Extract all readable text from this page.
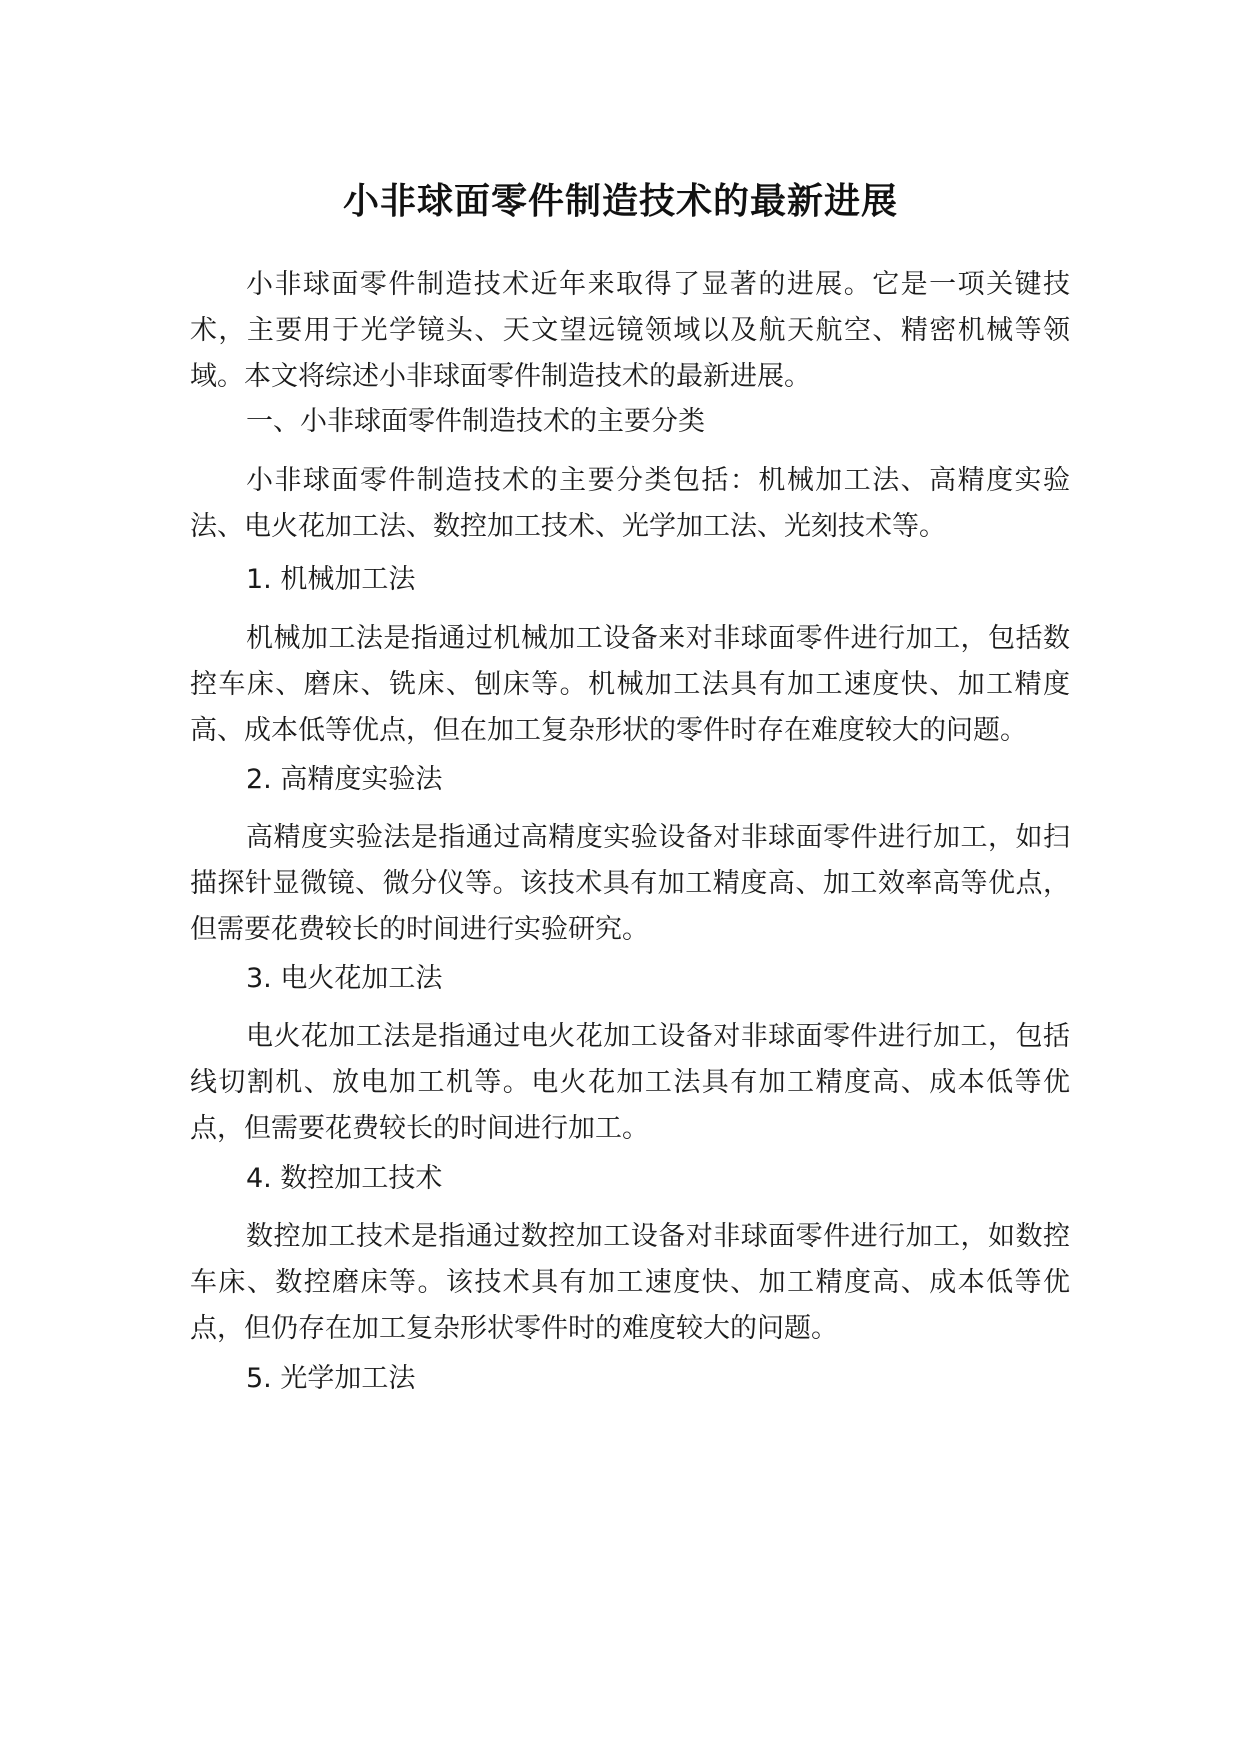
小非球面零件制造技术的最新进展
小非球面零件制造技术近年来取得了显著的进展。它是一项关键技术，主要用于光学镜头、天文望远镜领域以及航天航空、精密机械等领域。本文将综述小非球面零件制造技术的最新进展。
一、小非球面零件制造技术的主要分类
小非球面零件制造技术的主要分类包括：机械加工法、高精度实验法、电火花加工法、数控加工技术、光学加工法、光刻技术等。
1. 机械加工法
机械加工法是指通过机械加工设备来对非球面零件进行加工，包括数控车床、磨床、铣床、刨床等。机械加工法具有加工速度快、加工精度高、成本低等优点，但在加工复杂形状的零件时存在难度较大的问题。
2. 高精度实验法
高精度实验法是指通过高精度实验设备对非球面零件进行加工，如扫描探针显微镜、微分仪等。该技术具有加工精度高、加工效率高等优点，但需要花费较长的时间进行实验研究。
3. 电火花加工法
电火花加工法是指通过电火花加工设备对非球面零件进行加工，包括线切割机、放电加工机等。电火花加工法具有加工精度高、成本低等优点，但需要花费较长的时间进行加工。
4. 数控加工技术
数控加工技术是指通过数控加工设备对非球面零件进行加工，如数控车床、数控磨床等。该技术具有加工速度快、加工精度高、成本低等优点，但仍存在加工复杂形状零件时的难度较大的问题。
5. 光学加工法
